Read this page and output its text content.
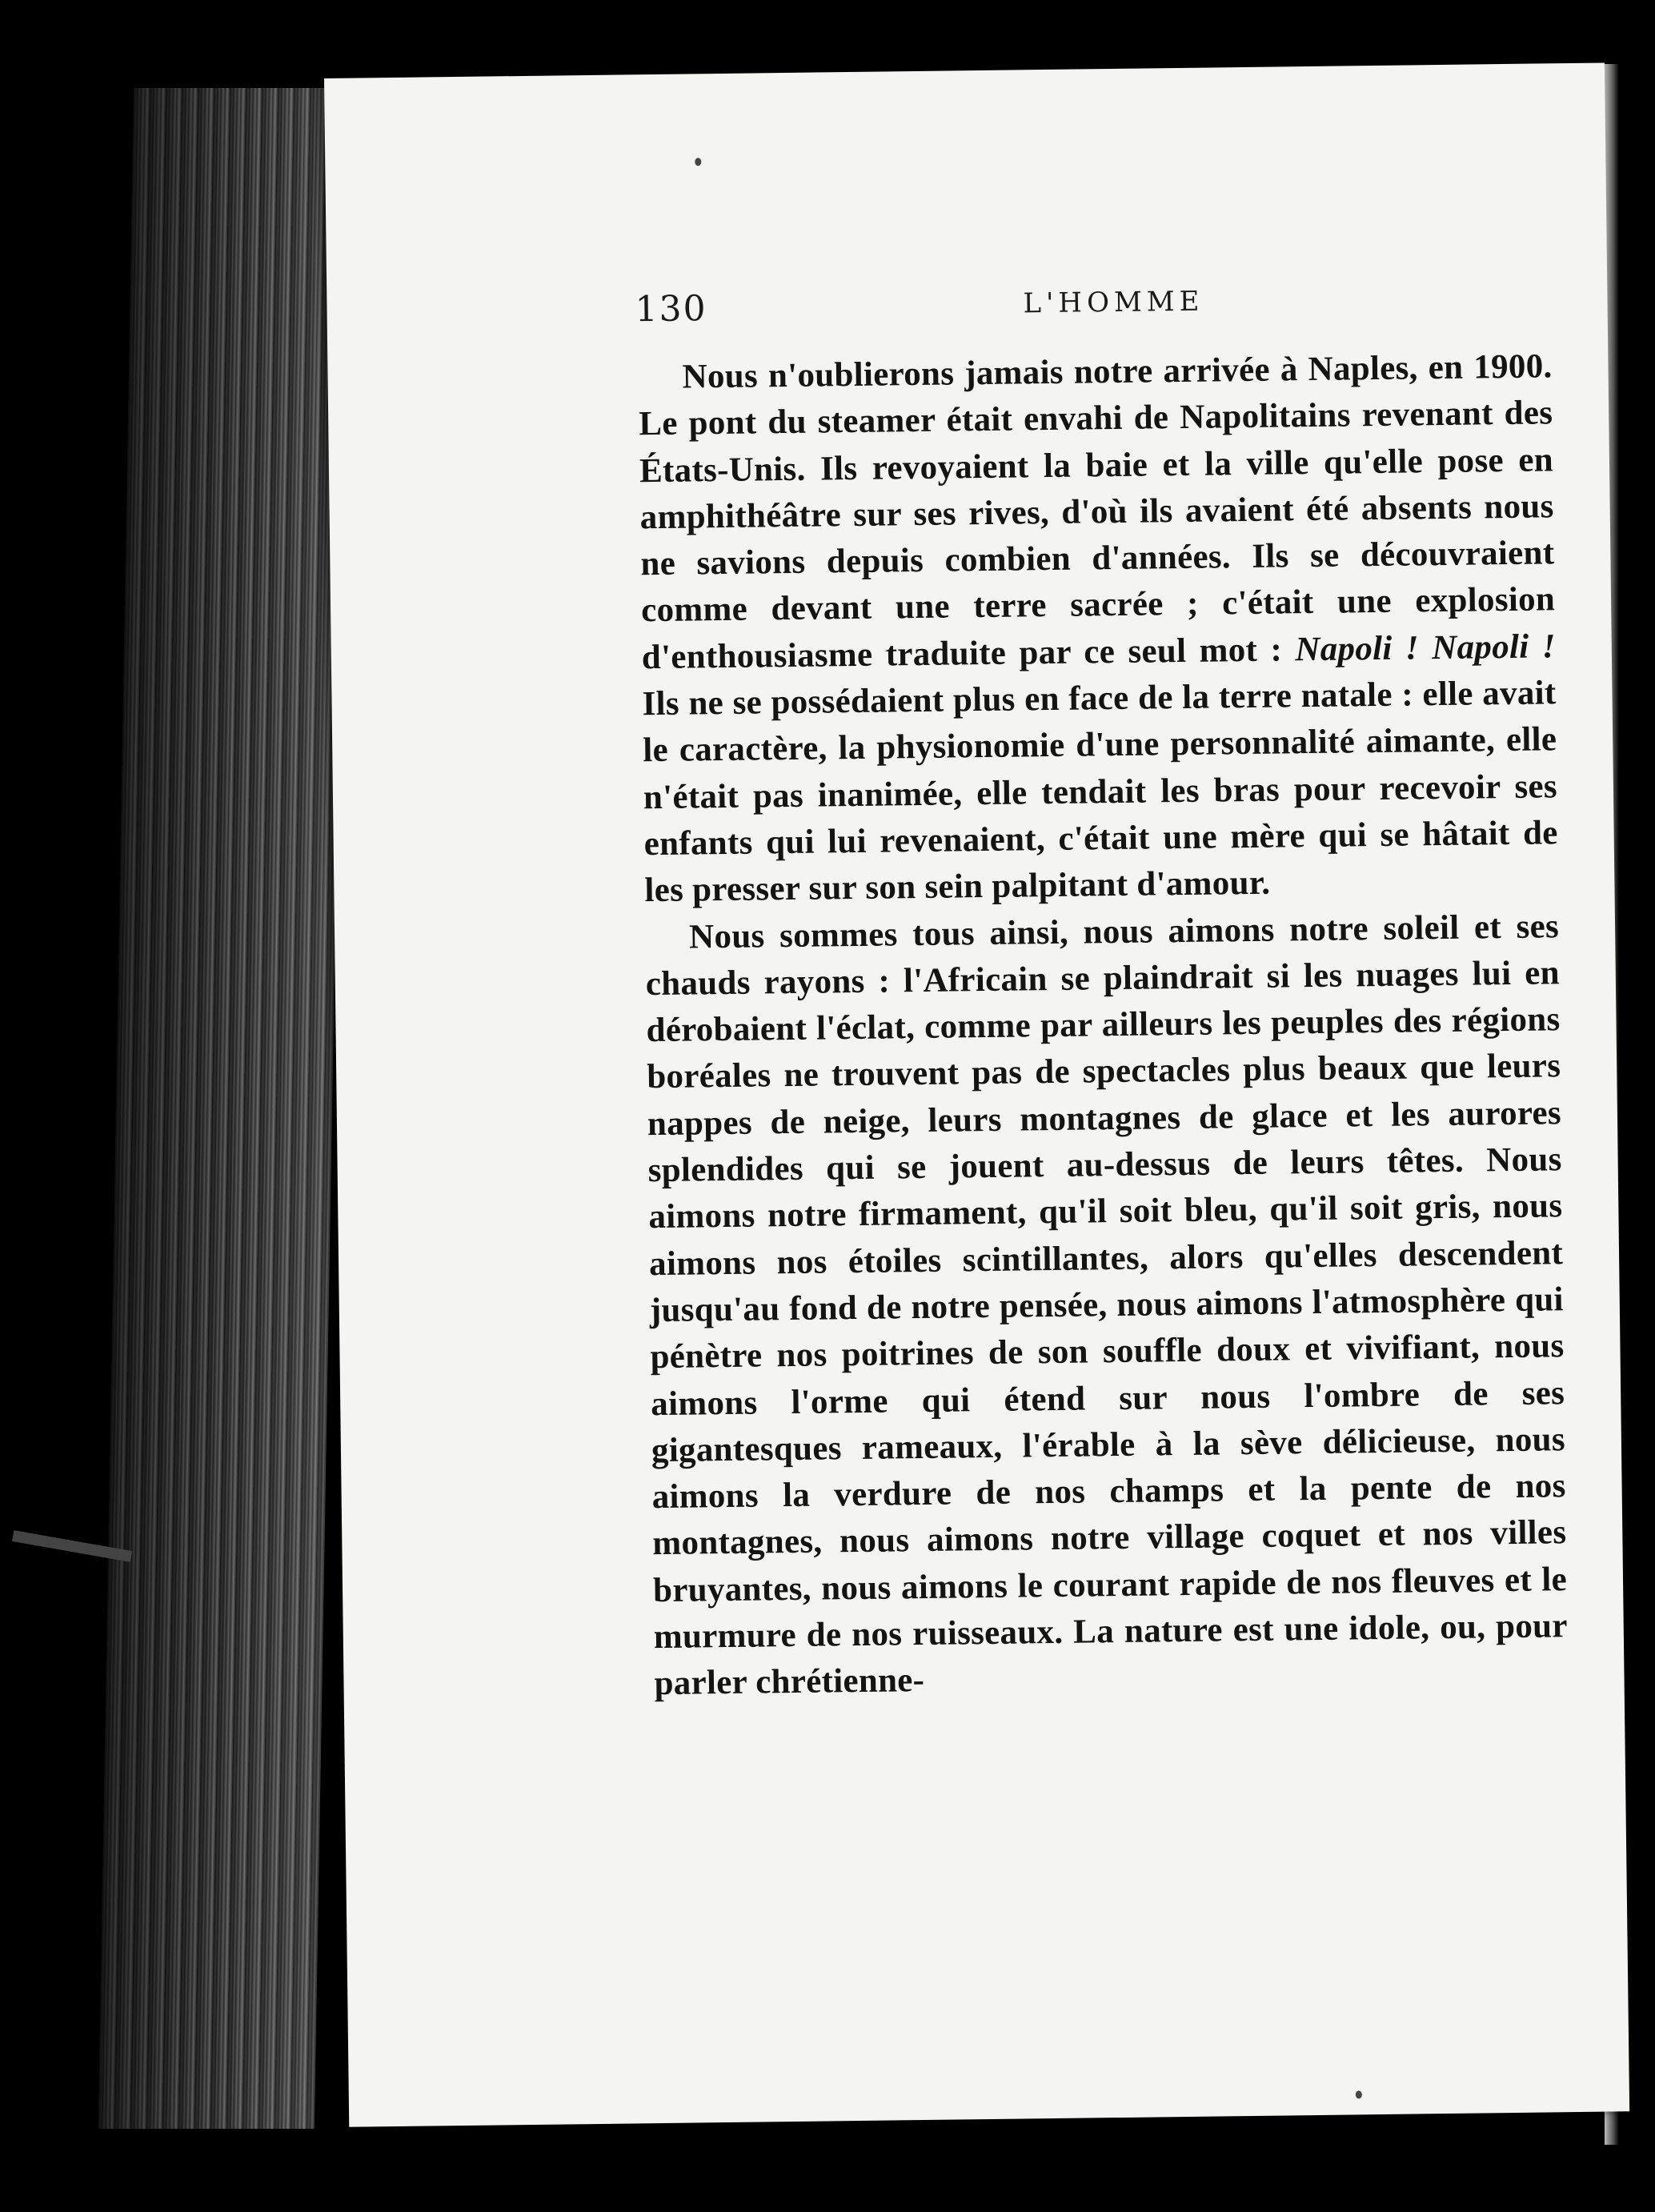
130	L'HOMME

Nous n'oublierons jamais notre arrivée à Naples, en 1900. Le pont du steamer était envahi de Napolitains revenant des États-Unis. Ils revoyaient la baie et la ville qu'elle pose en amphithéâtre sur ses rives, d'où ils avaient été absents nous ne savions depuis combien d'années. Ils se découvraient comme devant une terre sacrée ; c'était une explosion d'enthousiasme traduite par ce seul mot : Napoli ! Napoli ! Ils ne se possédaient plus en face de la terre natale : elle avait le caractère, la physionomie d'une personnalité aimante, elle n'était pas inanimée, elle tendait les bras pour recevoir ses enfants qui lui revenaient, c'était une mère qui se hâtait de les presser sur son sein palpitant d'amour.

Nous sommes tous ainsi, nous aimons notre soleil et ses chauds rayons : l'Africain se plaindrait si les nuages lui en dérobaient l'éclat, comme par ailleurs les peuples des régions boréales ne trouvent pas de spectacles plus beaux que leurs nappes de neige, leurs montagnes de glace et les aurores splendides qui se jouent au-dessus de leurs têtes. Nous aimons notre firmament, qu'il soit bleu, qu'il soit gris, nous aimons nos étoiles scintillantes, alors qu'elles descendent jusqu'au fond de notre pensée, nous aimons l'atmosphère qui pénètre nos poitrines de son souffle doux et vivifiant, nous aimons l'orme qui étend sur nous l'ombre de ses gigantesques rameaux, l'érable à la sève délicieuse, nous aimons la verdure de nos champs et la pente de nos montagnes, nous aimons notre village coquet et nos villes bruyantes, nous aimons le courant rapide de nos fleuves et le murmure de nos ruisseaux. La nature est une idole, ou, pour parler chrétienne-
